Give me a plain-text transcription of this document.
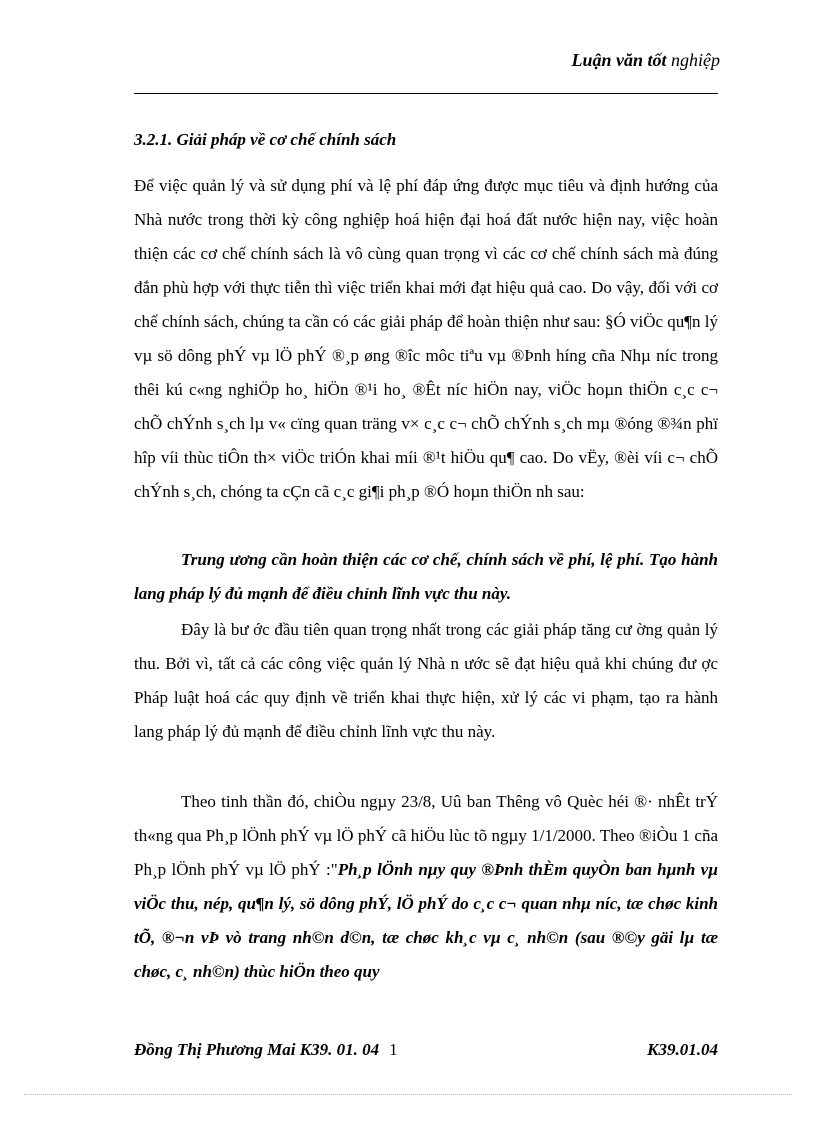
Luận văn tốt nghiệp
3.2.1. Giải pháp về cơ chế chính sách

Để việc quản lý và sử dụng phí và lệ phí đáp ứng được mục tiêu và định hướng của Nhà nước trong thời kỳ công nghiệp hoá hiện đại hoá đất nước hiện nay, việc hoàn thiện các cơ chế chính sách là vô cùng quan trọng vì các cơ chế chính sách mà đúng đắn phù hợp với thực tiễn thì việc triển khai mới đạt hiệu quả cao. Do vậy, đối với cơ chế chính sách, chúng ta cần có các giải pháp để hoàn thiện như sau: §Ó viÖc qu¶n lý vµ sö dông phÝ vµ lÖ phÝ ®¸p øng ®îc môc tiªu vµ ®Þnh híng cña Nhµ níc trong thêi kú c«ng nghiÖp ho¸ hiÖn ®¹i ho¸ ®Êt níc hiÖn nay, viÖc hoµn thiÖn c¸c c¬ chÕ chÝnh s¸ch lµ v« cïng quan träng v× c¸c c¬ chÕ chÝnh s¸ch mµ ®óng ®¾n phï hîp víi thùc tiÔn th× viÖc triÓn khai míi ®¹t hiÖu qu¶ cao. Do vËy, ®èi víi c¬ chÕ chÝnh s¸ch, chóng ta cÇn cã c¸c gi¶i ph¸p ®Ó hoµn thiÖn nh sau:

Trung ương cần hoàn thiện các cơ chế, chính sách về phí, lệ phí. Tạo hành lang pháp lý đủ mạnh để điều chỉnh lĩnh vực thu này.

Đây là bư ớc đầu tiên quan trọng nhất trong các giải pháp tăng cư ờng quản lý thu. Bởi vì, tất cả các công việc quản lý Nhà n ước sẽ đạt hiệu quả khi chúng đư ợc Pháp luật hoá các quy định về triển khai thực hiện, xử lý các vi phạm, tạo ra hành lang pháp lý đủ mạnh để điều chỉnh lĩnh vực thu này.

Theo tinh thần đó, chiÒu ngµy 23/8, Uû ban Thêng vô Quèc héi ®· nhÊt trÝ th«ng qua Ph¸p lÖnh phÝ vµ lÖ phÝ cã hiÖu lùc tõ ngµy 1/1/2000. Theo ®iÒu 1 cña Ph¸p lÖnh phÝ vµ lÖ phÝ :"Ph¸p lÖnh nµy quy ®Þnh thÈm quyÒn ban hµnh vµ viÖc thu, nép, qu¶n lý, sö dông phÝ, lÖ phÝ do c¸c c¬ quan nhµ níc, tæ chøc kinh tÕ, ®¬n vÞ vò trang nh©n d©n, tæ chøc kh¸c vµ c¸ nh©n (sau ®©y gäi lµ tæ chøc, c¸ nh©n) thùc hiÖn theo quy

Đồng Thị Phương Mai K39. 01. 04 1	K39.01.04
